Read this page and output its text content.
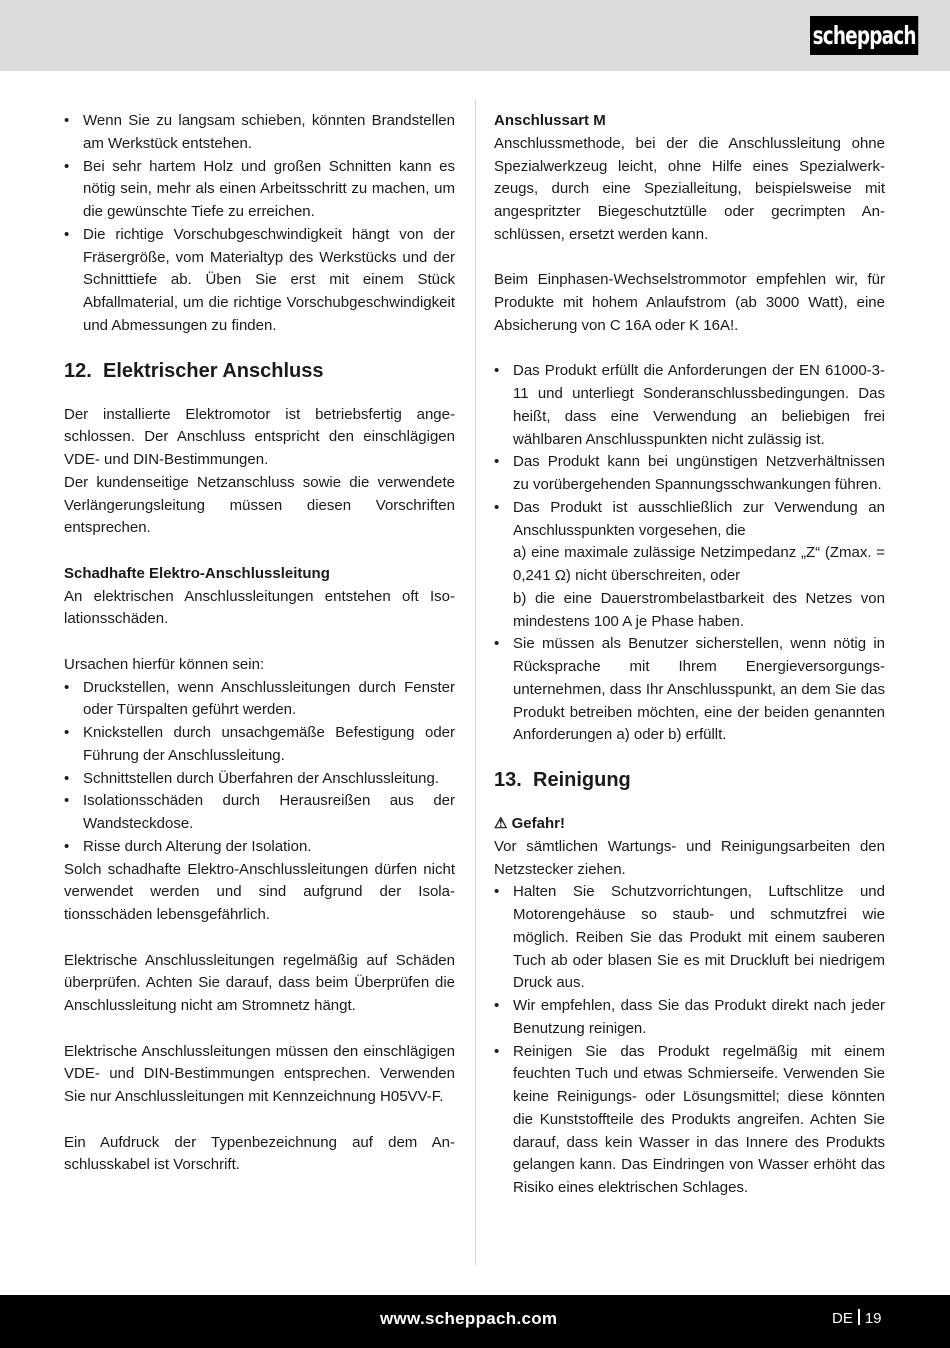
scheppach
• Wenn Sie zu langsam schieben, könnten Brandstellen am Werkstück entstehen.
• Bei sehr hartem Holz und großen Schnitten kann es nötig sein, mehr als einen Arbeitsschritt zu machen, um die gewünschte Tiefe zu erreichen.
• Die richtige Vorschubgeschwindigkeit hängt von der Fräsergröße, vom Materialtyp des Werkstücks und der Schnitttiefe ab. Üben Sie erst mit einem Stück Abfallmaterial, um die richtige Vorschubgeschwindigkeit und Abmessungen zu finden.
12. Elektrischer Anschluss

Der installierte Elektromotor ist betriebsfertig angeschlossen. Der Anschluss entspricht den einschlägigen VDE- und DIN-Bestimmungen.

Der kundenseitige Netzanschluss sowie die verwendete Verlängerungsleitung müssen diesen Vorschriften entsprechen.

Schadhafte Elektro-Anschlussleitung

An elektrischen Anschlussleitungen entstehen oft Isolationsschäden.

Ursachen hierfür können sein:

• Druckstellen, wenn Anschlussleitungen durch Fenster oder Türspalten geführt werden.
• Knickstellen durch unsachgemäße Befestigung oder Führung der Anschlussleitung.
• Schnittstellen durch Überfahren der Anschlussleitung.
• Isolationsschäden durch Herausreißen aus der Wandsteckdose.
• Risse durch Alterung der Isolation.

Solch schadhafte Elektro-Anschlussleitungen dürfen nicht verwendet werden und sind aufgrund der Isolationsschäden lebensgefährlich.

Elektrische Anschlussleitungen regelmäßig auf Schäden überprüfen. Achten Sie darauf, dass beim Überprüfen die Anschlussleitung nicht am Stromnetz hängt.

Elektrische Anschlussleitungen müssen den einschlägigen VDE- und DIN-Bestimmungen entsprechen. Verwenden Sie nur Anschlussleitungen mit Kennzeichnung H05VV-F.

Ein Aufdruck der Typenbezeichnung auf dem Anschlusskabel ist Vorschrift.

Anschlussart M

Anschlussmethode, bei der die Anschlussleitung ohne Spezialwerkzeug leicht, ohne Hilfe eines Spezialwerkzeugs, durch eine Spezialleitung, beispielsweise mit angespritzter Biegeschutztülle oder gecrimpten Anschlüssen, ersetzt werden kann.

Beim Einphasen-Wechselstrommotor empfehlen wir, für Produkte mit hohem Anlaufstrom (ab 3000 Watt), eine Absicherung von C 16A oder K 16A!.

• Das Produkt erfüllt die Anforderungen der EN 61000-3-11 und unterliegt Sonderanschlussbedingungen. Das heißt, dass eine Verwendung an beliebigen frei wählbaren Anschlusspunkten nicht zulässig ist.
• Das Produkt kann bei ungünstigen Netzverhältnissen zu vorübergehenden Spannungsschwankungen führen.

• Das Produkt ist ausschließlich zur Verwendung an Anschlusspunkten vorgesehen, die

a) eine maximale zulässige Netzimpedanz „Z“ (Zmax. = 0,241 Ω) nicht überschreiten, oder

b) die eine Dauerstrombelastbarkeit des Netzes von mindestens 100 A je Phase haben.

• Sie müssen als Benutzer sicherstellen, wenn nötig in Rücksprache mit Ihrem Energieversorgungsunternehmen, dass Ihr Anschlusspunkt, an dem Sie das Produkt betreiben möchten, eine der beiden genannten Anforderungen a) oder b) erfüllt.
13. Reinigung

⚠ Gefahr!

Vor sämtlichen Wartungs- und Reinigungsarbeiten den Netzstecker ziehen.

• Halten Sie Schutzvorrichtungen, Luftschlitze und Motorengehäuse so staub- und schmutzfrei wie möglich. Reiben Sie das Produkt mit einem sauberen Tuch ab oder blasen Sie es mit Druckluft bei niedrigem Druck aus.
• Wir empfehlen, dass Sie das Produkt direkt nach jeder Benutzung reinigen.
• Reinigen Sie das Produkt regelmäßig mit einem feuchten Tuch und etwas Schmierseife. Verwenden Sie keine Reinigungs- oder Lösungsmittel; diese könnten die Kunststoffteile des Produkts angreifen. Achten Sie darauf, dass kein Wasser in das Innere des Produkts gelangen kann. Das Eindringen von Wasser erhöht das Risiko eines elektrischen Schlages.
www.scheppach.com	DE 19
